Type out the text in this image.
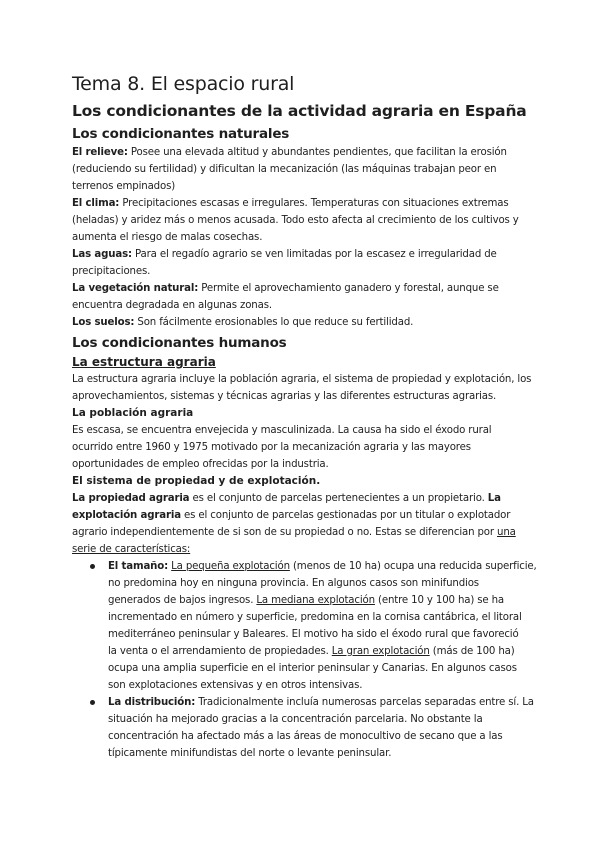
Tema 8. El espacio rural
Los condicionantes de la actividad agraria en España
Los condicionantes naturales

El relieve: Posee una elevada altitud y abundantes pendientes, que facilitan la erosión

(reduciendo su fertilidad) y dificultan la mecanización (las máquinas trabajan peor en

terrenos empinados)

El clima: Precipitaciones escasas e irregulares. Temperaturas con situaciones extremas

(heladas) y aridez más o menos acusada. Todo esto afecta al crecimiento de los cultivos y

aumenta el riesgo de malas cosechas.

Las aguas: Para el regadío agrario se ven limitadas por la escasez e irregularidad de

precipitaciones.

La vegetación natural: Permite el aprovechamiento ganadero y forestal, aunque se

encuentra degradada en algunas zonas.

Los suelos: Son fácilmente erosionables lo que reduce su fertilidad.

Los condicionantes humanos
La estructura agraria

La estructura agraria incluye la población agraria, el sistema de propiedad y explotación, los

aprovechamientos, sistemas y técnicas agrarias y las diferentes estructuras agrarias.

La población agraria

Es escasa, se encuentra envejecida y masculinizada. La causa ha sido el éxodo rural

ocurrido entre 1960 y 1975 motivado por la mecanización agraria y las mayores

oportunidades de empleo ofrecidas por la industria.

El sistema de propiedad y de explotación.

La propiedad agraria es el conjunto de parcelas pertenecientes a un propietario. La

explotación agraria es el conjunto de parcelas gestionadas por un titular o explotador

agrario independientemente de si son de su propiedad o no. Estas se diferencian por una

serie de características:

El tamaño: La pequeña explotación (menos de 10 ha) ocupa una reducida superficie,

no predomina hoy en ninguna provincia. En algunos casos son minifundios

generados de bajos ingresos. La mediana explotación (entre 10 y 100 ha) se ha

incrementado en número y superficie, predomina en la cornisa cantábrica, el litoral

mediterráneo peninsular y Baleares. El motivo ha sido el éxodo rural que favoreció

la venta o el arrendamiento de propiedades. La gran explotación (más de 100 ha)

ocupa una amplia superficie en el interior peninsular y Canarias. En algunos casos

son explotaciones extensivas y en otros intensivas.

La distribución: Tradicionalmente incluía numerosas parcelas separadas entre sí. La

situación ha mejorado gracias a la concentración parcelaria. No obstante la

concentración ha afectado más a las áreas de monocultivo de secano que a las

típicamente minifundistas del norte o levante peninsular.
